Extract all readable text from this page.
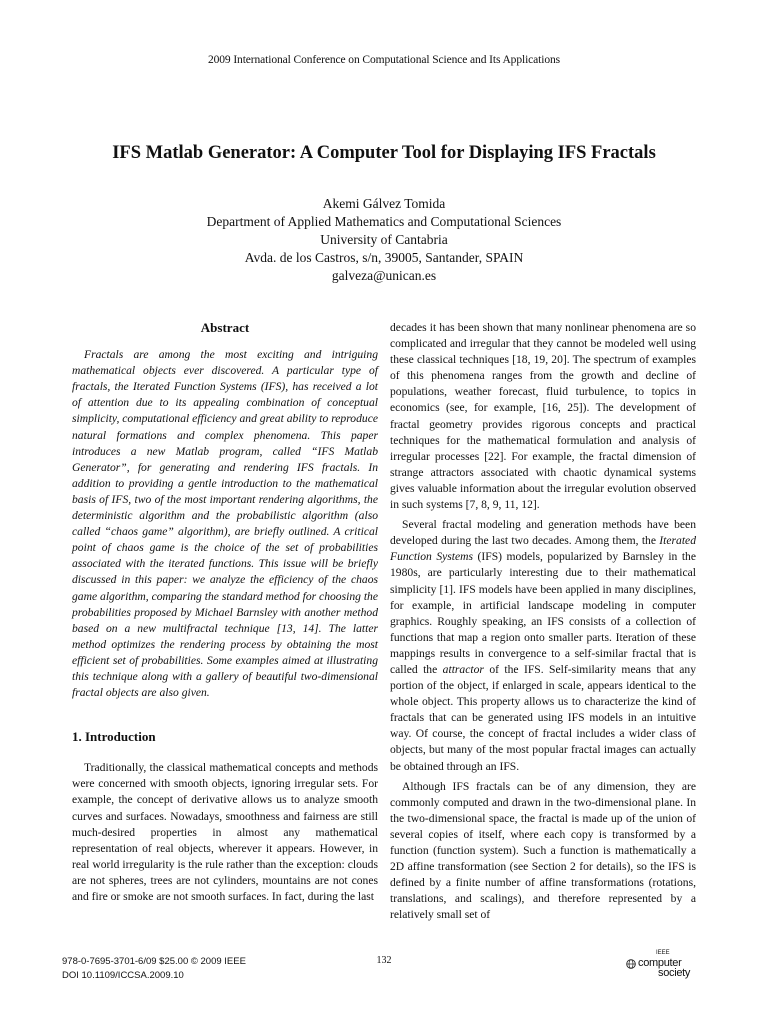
2009 International Conference on Computational Science and Its Applications
IFS Matlab Generator: A Computer Tool for Displaying IFS Fractals
Akemi Gálvez Tomida
Department of Applied Mathematics and Computational Sciences
University of Cantabria
Avda. de los Castros, s/n, 39005, Santander, SPAIN
galveza@unican.es
Abstract

Fractals are among the most exciting and intriguing mathematical objects ever discovered. A particular type of fractals, the Iterated Function Systems (IFS), has received a lot of attention due to its appealing combination of conceptual simplicity, computational efficiency and great ability to reproduce natural formations and complex phenomena. This paper introduces a new Matlab program, called “IFS Matlab Generator”, for generating and rendering IFS fractals. In addition to providing a gentle introduction to the mathematical basis of IFS, two of the most important rendering algorithms, the deterministic algorithm and the probabilistic algorithm (also called “chaos game” algorithm), are briefly outlined. A critical point of chaos game is the choice of the set of probabilities associated with the iterated functions. This issue will be briefly discussed in this paper: we analyze the efficiency of the chaos game algorithm, comparing the standard method for choosing the probabilities proposed by Michael Barnsley with another method based on a new multifractal technique [13, 14]. The latter method optimizes the rendering process by obtaining the most efficient set of probabilities. Some examples aimed at illustrating this technique along with a gallery of beautiful two-dimensional fractal objects are also given.

1. Introduction

Traditionally, the classical mathematical concepts and methods were concerned with smooth objects, ignoring irregular sets. For example, the concept of derivative allows us to analyze smooth curves and surfaces. Nowadays, smoothness and fairness are still much-desired properties in almost any mathematical representation of real objects, wherever it appears. However, in real world irregularity is the rule rather than the exception: clouds are not spheres, trees are not cylinders, mountains are not cones and fire or smoke are not smooth surfaces. In fact, during the last

decades it has been shown that many nonlinear phenomena are so complicated and irregular that they cannot be modeled well using these classical techniques [18, 19, 20]. The spectrum of examples of this phenomena ranges from the growth and decline of populations, weather forecast, fluid turbulence, to topics in economics (see, for example, [16, 25]). The development of fractal geometry provides rigorous concepts and practical techniques for the mathematical formulation and analysis of irregular processes [22]. For example, the fractal dimension of strange attractors associated with chaotic dynamical systems gives valuable information about the irregular evolution observed in such systems [7, 8, 9, 11, 12].

Several fractal modeling and generation methods have been developed during the last two decades. Among them, the Iterated Function Systems (IFS) models, popularized by Barnsley in the 1980s, are particularly interesting due to their mathematical simplicity [1]. IFS models have been applied in many disciplines, for example, in artificial landscape modeling in computer graphics. Roughly speaking, an IFS consists of a collection of functions that map a region onto smaller parts. Iteration of these mappings results in convergence to a self-similar fractal that is called the attractor of the IFS. Self-similarity means that any portion of the object, if enlarged in scale, appears identical to the whole object. This property allows us to characterize the kind of fractals that can be generated using IFS models in an intuitive way. Of course, the concept of fractal includes a wider class of objects, but many of the most popular fractal images can actually be obtained through an IFS.

Although IFS fractals can be of any dimension, they are commonly computed and drawn in the two-dimensional plane. In the two-dimensional space, the fractal is made up of the union of several copies of itself, where each copy is transformed by a function (function system). Such a function is mathematically a 2D affine transformation (see Section 2 for details), so the IFS is defined by a finite number of affine transformations (rotations, translations, and scalings), and therefore represented by a relatively small set of

978-0-7695-3701-6/09 $25.00 © 2009 IEEE
DOI 10.1109/ICCSA.2009.10
132
IEEE
computer
society
